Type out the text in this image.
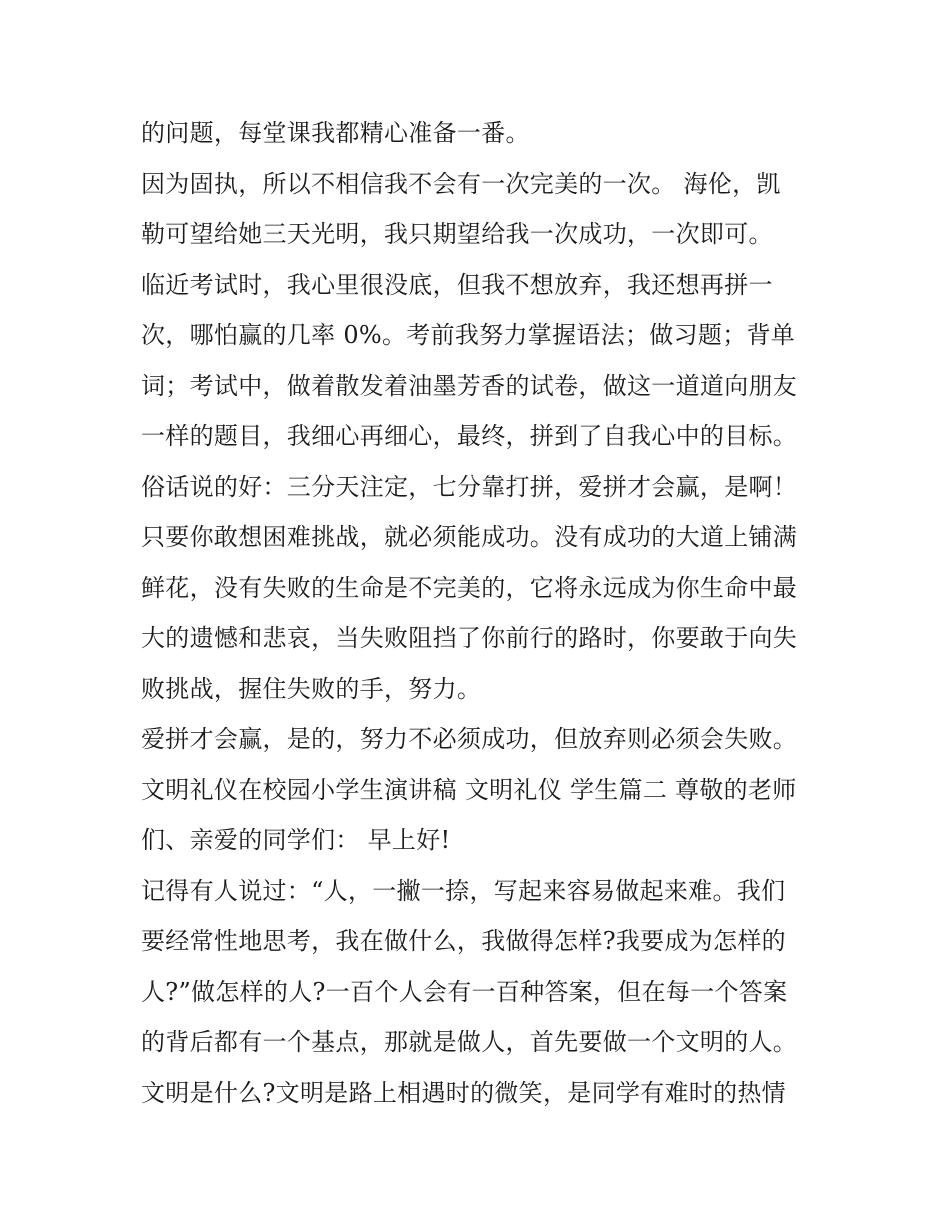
的问题，每堂课我都精心准备一番。
因为固执，所以不相信我不会有一次完美的一次。 海伦，凯
勒可望给她三天光明，我只期望给我一次成功，一次即可。
临近考试时，我心里很没底，但我不想放弃，我还想再拼一
次，哪怕赢的几率 0%。考前我努力掌握语法；做习题；背单
词；考试中，做着散发着油墨芳香的试卷，做这一道道向朋友
一样的题目，我细心再细心，最终，拼到了自我心中的目标。
俗话说的好：三分天注定，七分靠打拼，爱拼才会赢，是啊！
只要你敢想困难挑战，就必须能成功。没有成功的大道上铺满
鲜花，没有失败的生命是不完美的，它将永远成为你生命中最
大的遗憾和悲哀，当失败阻挡了你前行的路时，你要敢于向失
败挑战，握住失败的手，努力。
爱拼才会赢，是的，努力不必须成功，但放弃则必须会失败。
文明礼仪在校园小学生演讲稿 文明礼仪 学生篇二 尊敬的老师
们、亲爱的同学们： 早上好!
记得有人说过：“人，一撇一捺，写起来容易做起来难。我们
要经常性地思考，我在做什么，我做得怎样?我要成为怎样的
人?”做怎样的人?一百个人会有一百种答案，但在每一个答案
的背后都有一个基点，那就是做人，首先要做一个文明的人。
文明是什么?文明是路上相遇时的微笑，是同学有难时的热情
